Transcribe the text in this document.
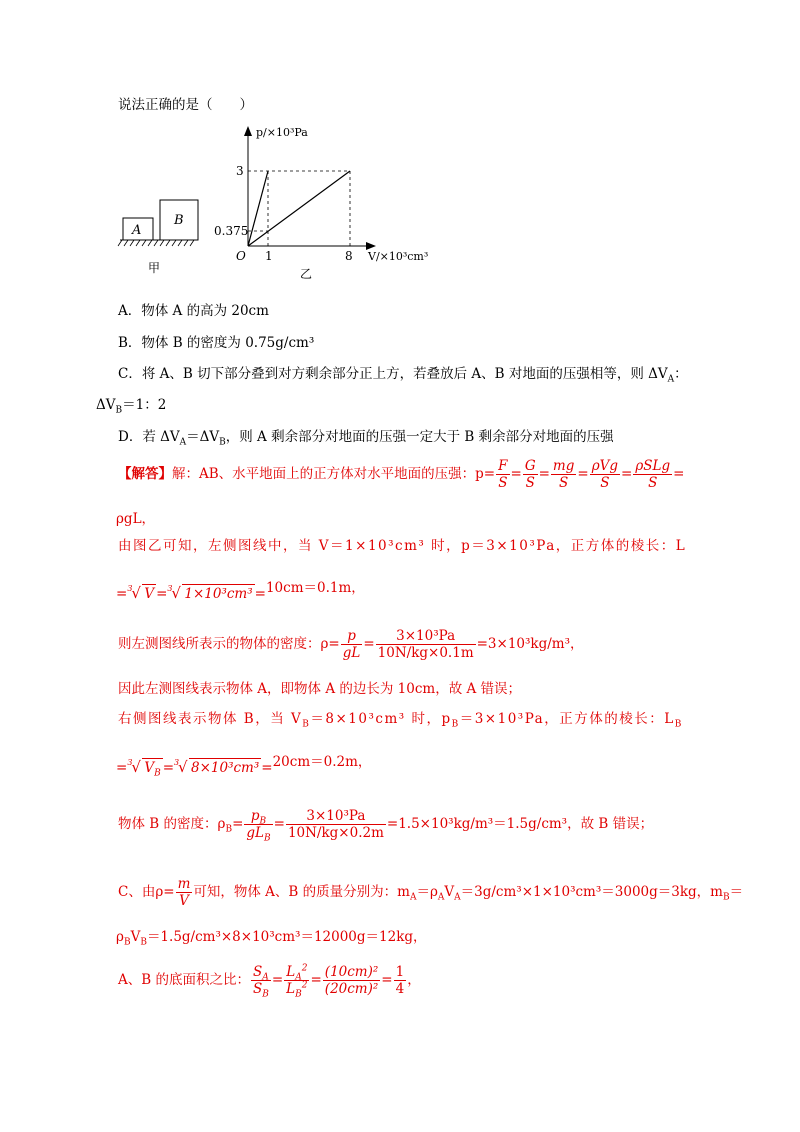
说法正确的是（　　）
A
B
甲
p/×10³Pa
V/×10³cm³
O
3
0.375
1	8
乙
A．物体 A 的高为 20cm
B．物体 B 的密度为 0.75g/cm³
C．将 A、B 切下部分叠到对方剩余部分正上方，若叠放后 A、B 对地面的压强相等，则 $\Delta V_A$：
$\Delta V_B=1$：2
D．若 $\Delta V_A=\Delta V_B$，则 A 剩余部分对地面的压强一定大于 B 剩余部分对地面的压强
【解答】解：AB、水平地面上的正方体对水平地面的压强：$p= \frac{F}{S} = \frac{G}{S} = \frac{mg}{S} = \frac{\text{ρVg}}{S} = \frac{\text{ρSLg}}{S}$ =
ρgL，
由图乙可知，左侧图线中，当 V＝1×10³cm³ 时，p＝3×10³Pa，正方体的棱长：L
= 3
√ V = 3
√ 1×10³cm³ =10cm＝0.1m，
则左测图线所表示的物体的密度：$\rho= \frac{p}{gL} = \frac{\text{3×10³Pa}}{10N/kg\times 0.1m} =3\times 10^3kg/m^3$，
因此左测图线表示物体 A，即物体 A 的边长为 10cm，故 A 错误；
右侧图线表示物体 B，当 $V_B=8\times 10^3cm^3$ 时，$p_B=3\times 10^3Pa$，正方体的棱长：$L_B$
= 3
√ $V_B = 3$
√ 8×10³cm³ =20cm＝0.2m，
物体 B 的密度：$\rho_B= \frac{p_B}{gL_B} = \frac{\text{3×10³Pa}}{10N/kg\times 0.2m} =1.5\times 10^3kg/m^3=1.5g/cm^3$，故 B 错误；
C、由$\rho= \frac{m}{V}$ 可知，物体 A、B 的质量分别为：$m_A=\rho_AV_A=3g/cm^3\times 1\times 10^3cm^3=3000g=3kg$，$m_B=$
$\rho_BV_B=1.5g/cm^3\times 8\times 10^3cm^3=12000g=12kg$，
A、B 的底面积之比： $\frac{S_A}{S_B} = \frac{L_A^2}{L_B^2} = \frac{\text{(10cm)²}}{\text{(20cm)²}} = \frac{1}{4}$ ，
